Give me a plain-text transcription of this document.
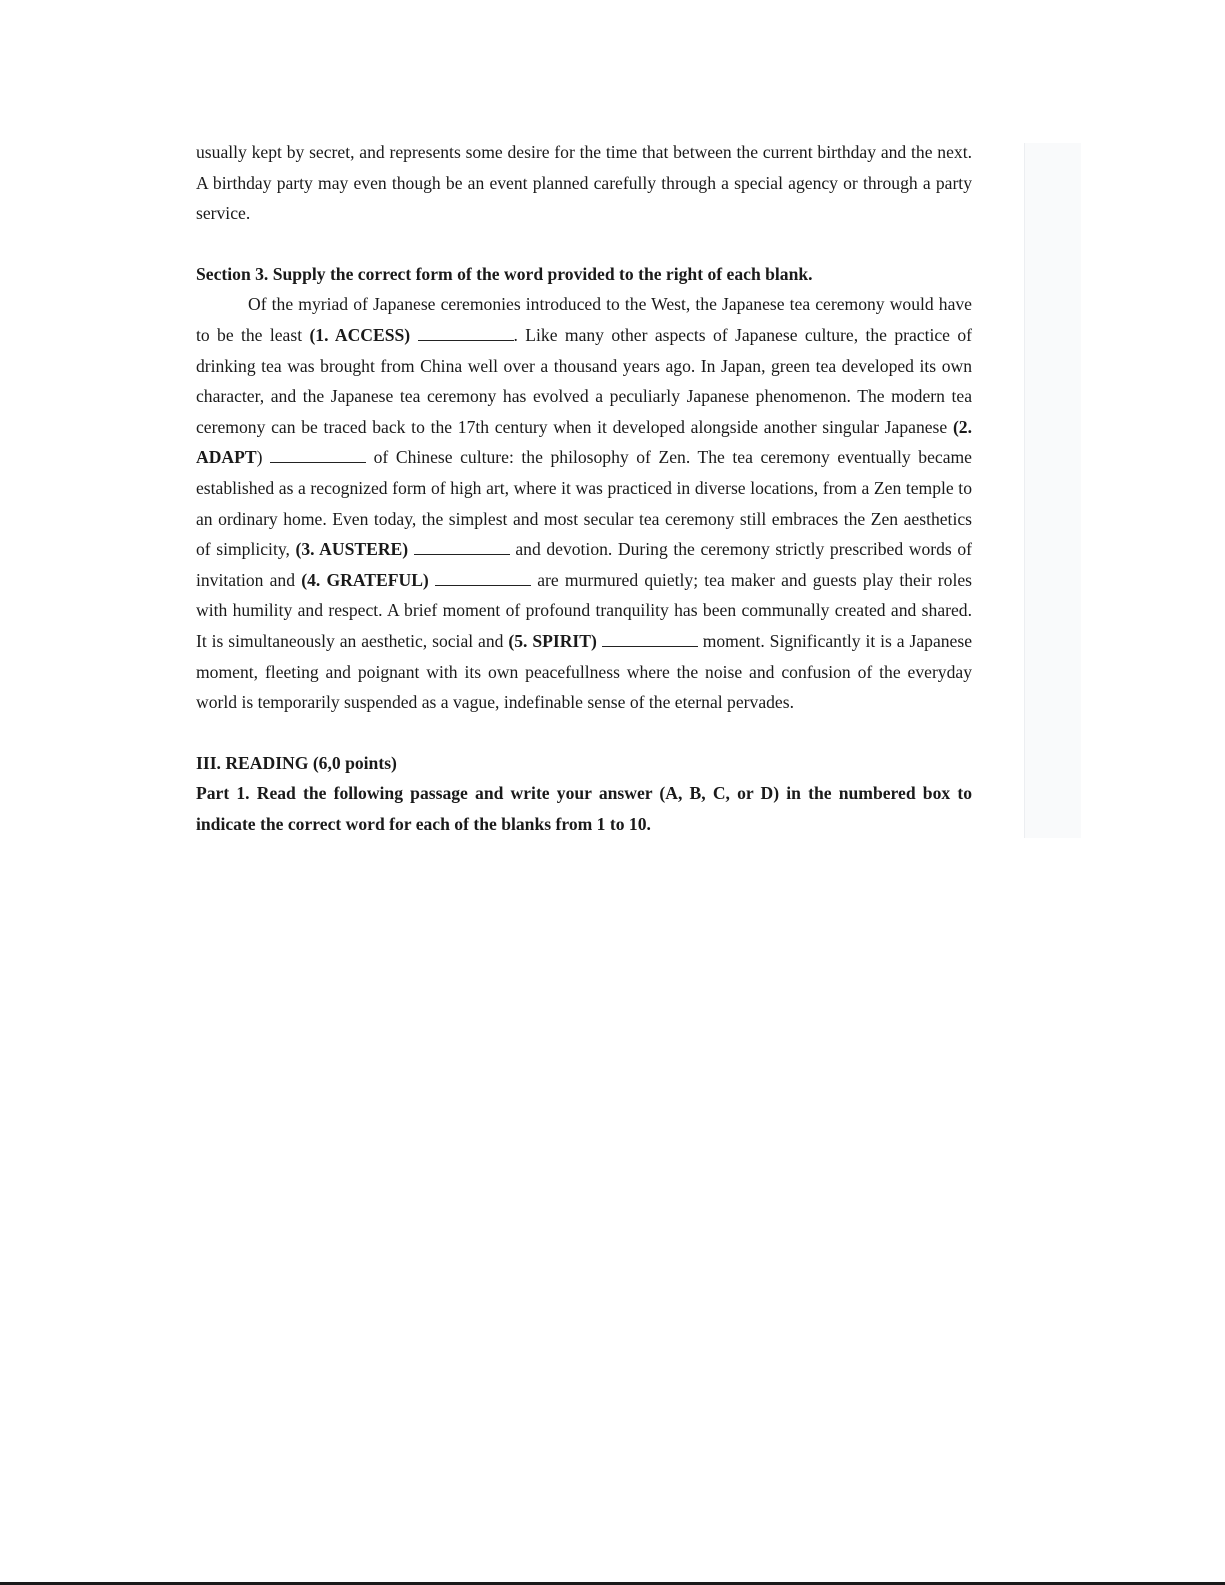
usually kept by secret, and represents some desire for the time that between the current birthday and the next. A birthday party may even though be an event planned carefully through a special agency or through a party service.

Section 3. Supply the correct form of the word provided to the right of each blank.

Of the myriad of Japanese ceremonies introduced to the West, the Japanese tea ceremony would have to be the least (1. ACCESS)	. Like many other aspects of Japanese culture, the practice of drinking tea was brought from China well over a thousand years ago. In Japan, green tea developed its own character, and the Japanese tea ceremony has evolved a peculiarly Japanese phenomenon. The modern tea ceremony can be traced back to the 17th century when it developed alongside another singular Japanese (2. ADAPT)	of Chinese culture: the philosophy of Zen. The tea ceremony eventually became established as a recognized form of high art, where it was practiced in diverse locations, from a Zen temple to an ordinary home. Even today, the simplest and most secular tea ceremony still embraces the Zen aesthetics of simplicity, (3. AUSTERE)	and devotion. During the ceremony strictly prescribed words of invitation and (4. GRATEFUL)	are murmured quietly; tea maker and guests play their roles with humility and respect. A brief moment of profound tranquility has been communally created and shared. It is simultaneously an aesthetic, social and (5. SPIRIT)	moment. Significantly it is a Japanese moment, fleeting and poignant with its own peacefullness where the noise and confusion of the everyday world is temporarily suspended as a vague, indefinable sense of the eternal pervades.

III. READING (6,0 points)

Part 1. Read the following passage and write your answer (A, B, C, or D) in the numbered box to indicate the correct word for each of the blanks from 1 to 10.
